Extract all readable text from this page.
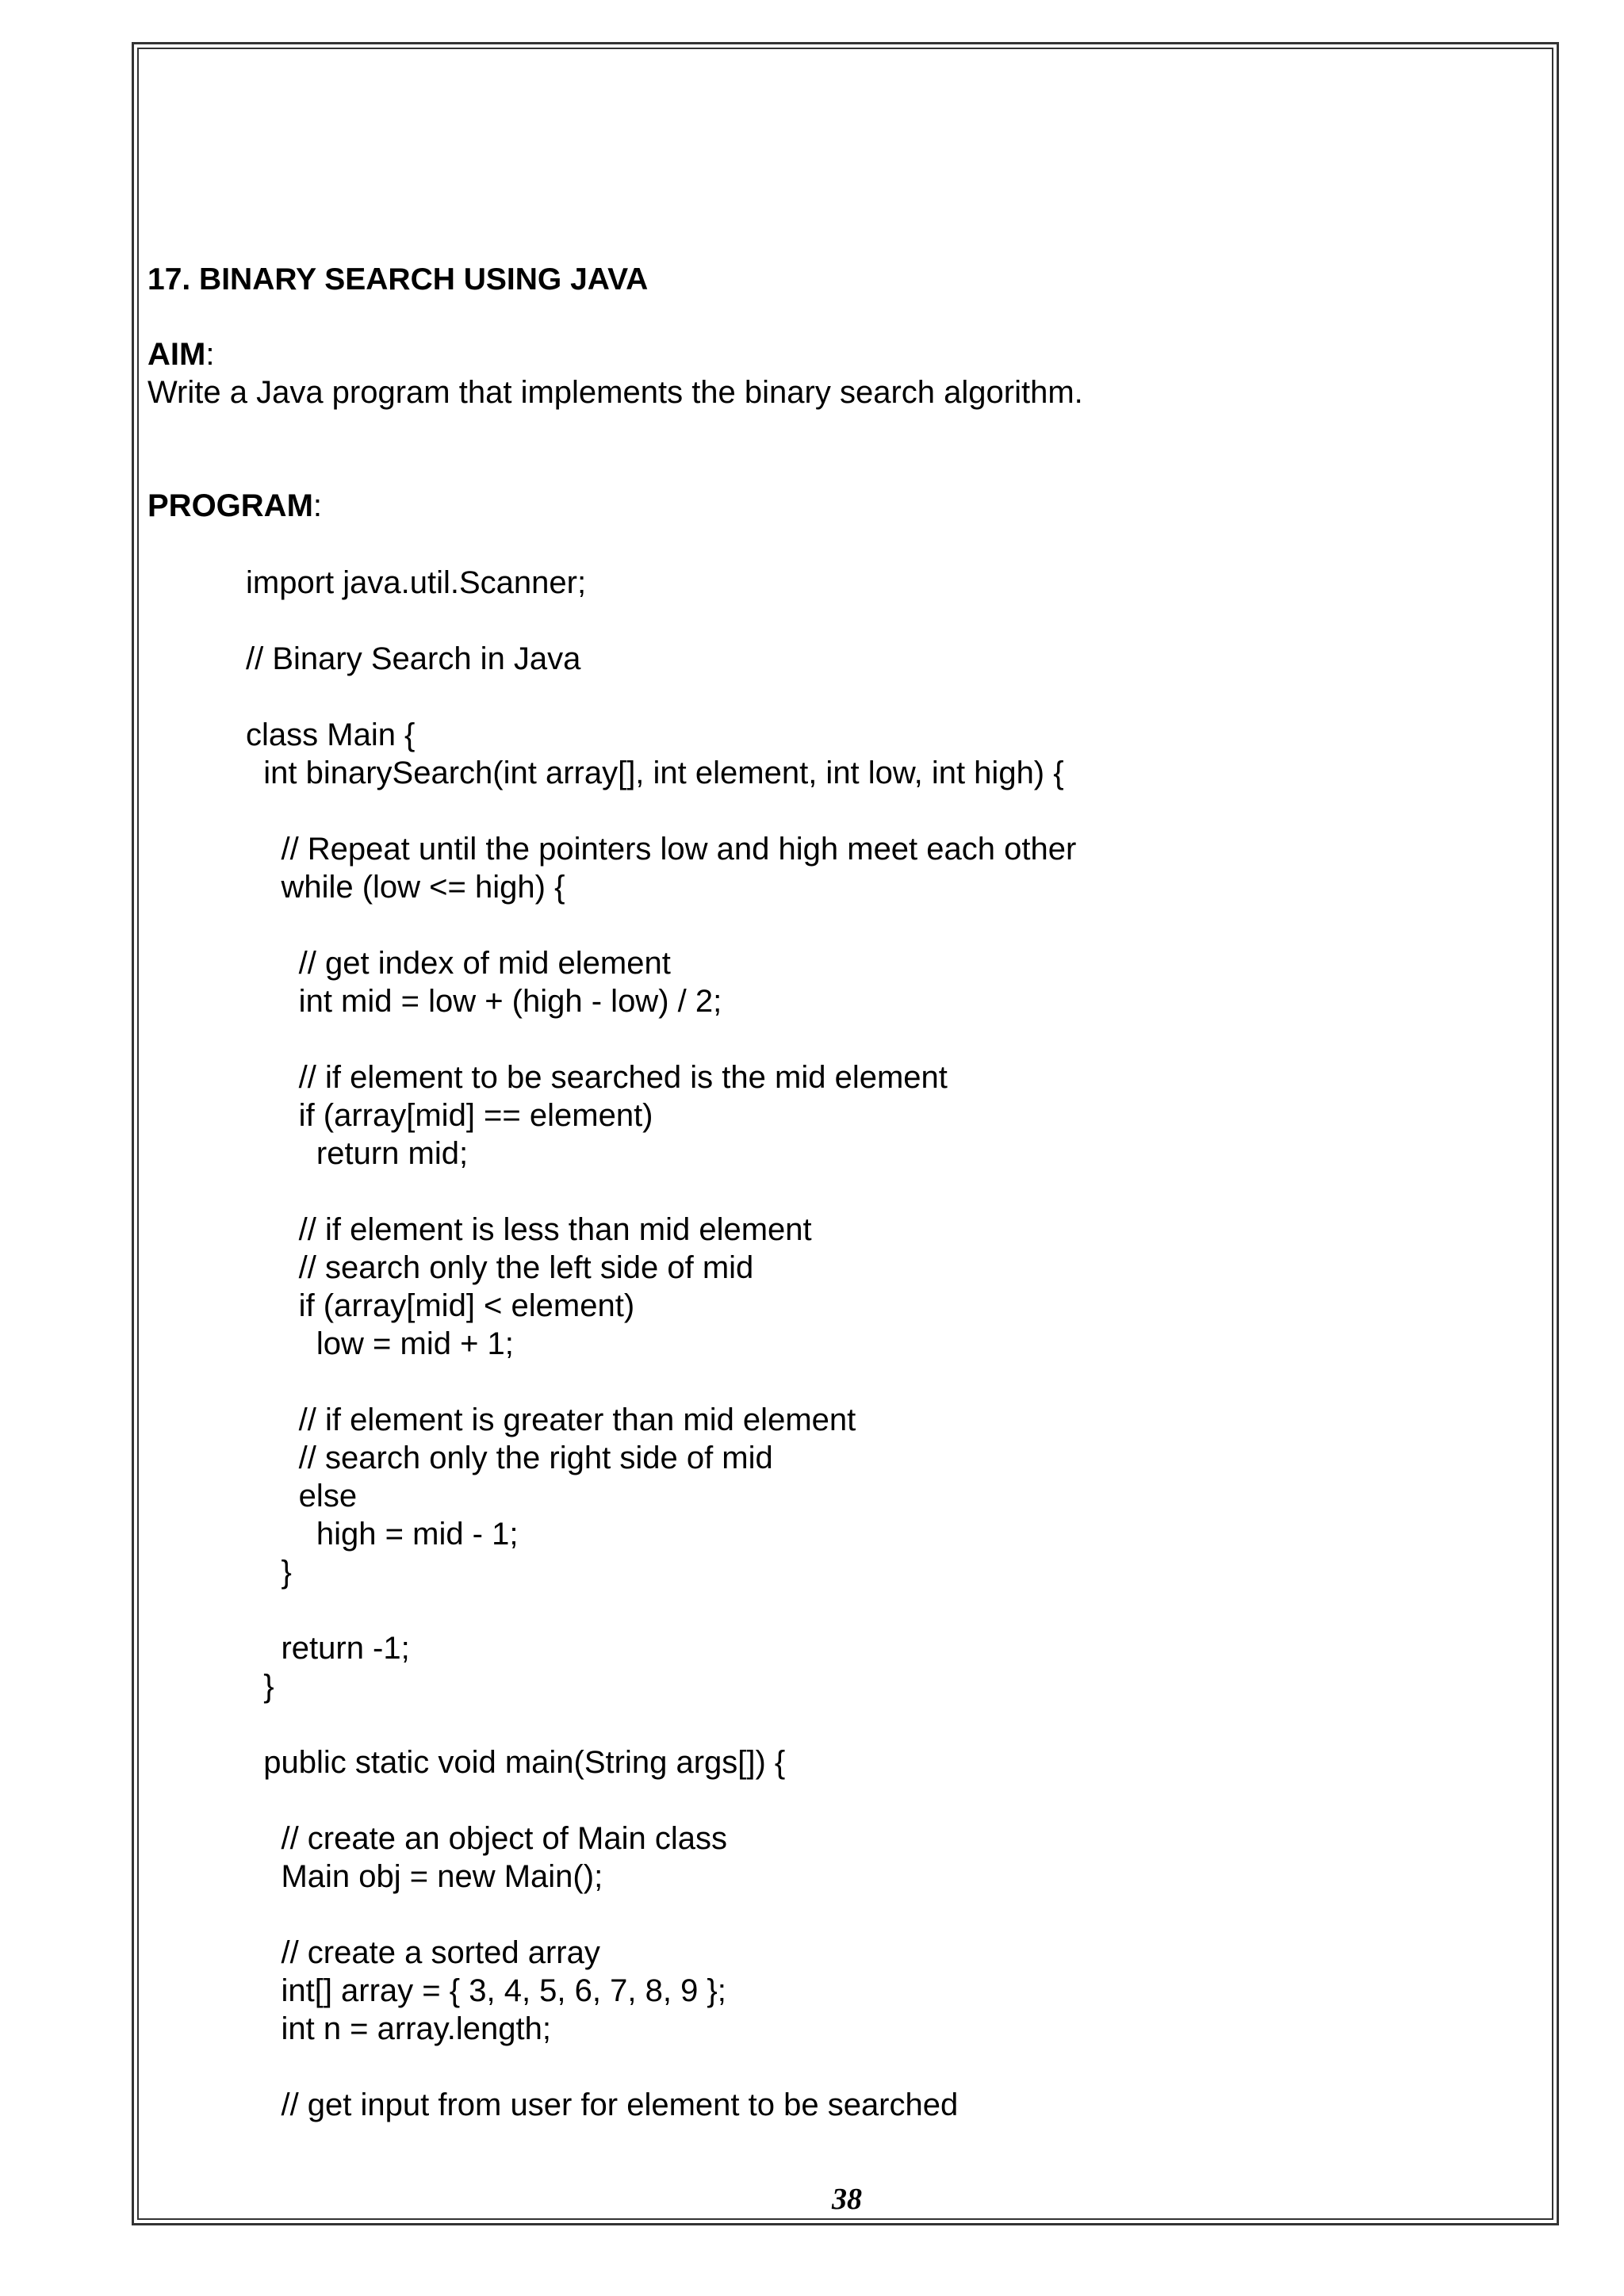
17. BINARY SEARCH USING JAVA
AIM:
Write a Java program that implements the binary search algorithm.
PROGRAM:
import java.util.Scanner;
// Binary Search in Java
class Main {
int binarySearch(int array[], int element, int low, int high) {
// Repeat until the pointers low and high meet each other
while (low <= high) {
// get index of mid element
int mid = low + (high - low) / 2;
// if element to be searched is the mid element
if (array[mid] == element)
return mid;
// if element is less than mid element
// search only the left side of mid
if (array[mid] < element)
low = mid + 1;
// if element is greater than mid element
// search only the right side of mid
else
high = mid - 1;
}
return -1;
}
public static void main(String args[]) {
// create an object of Main class
Main obj = new Main();
// create a sorted array
int[] array = { 3, 4, 5, 6, 7, 8, 9 };
int n = array.length;
// get input from user for element to be searched
38
